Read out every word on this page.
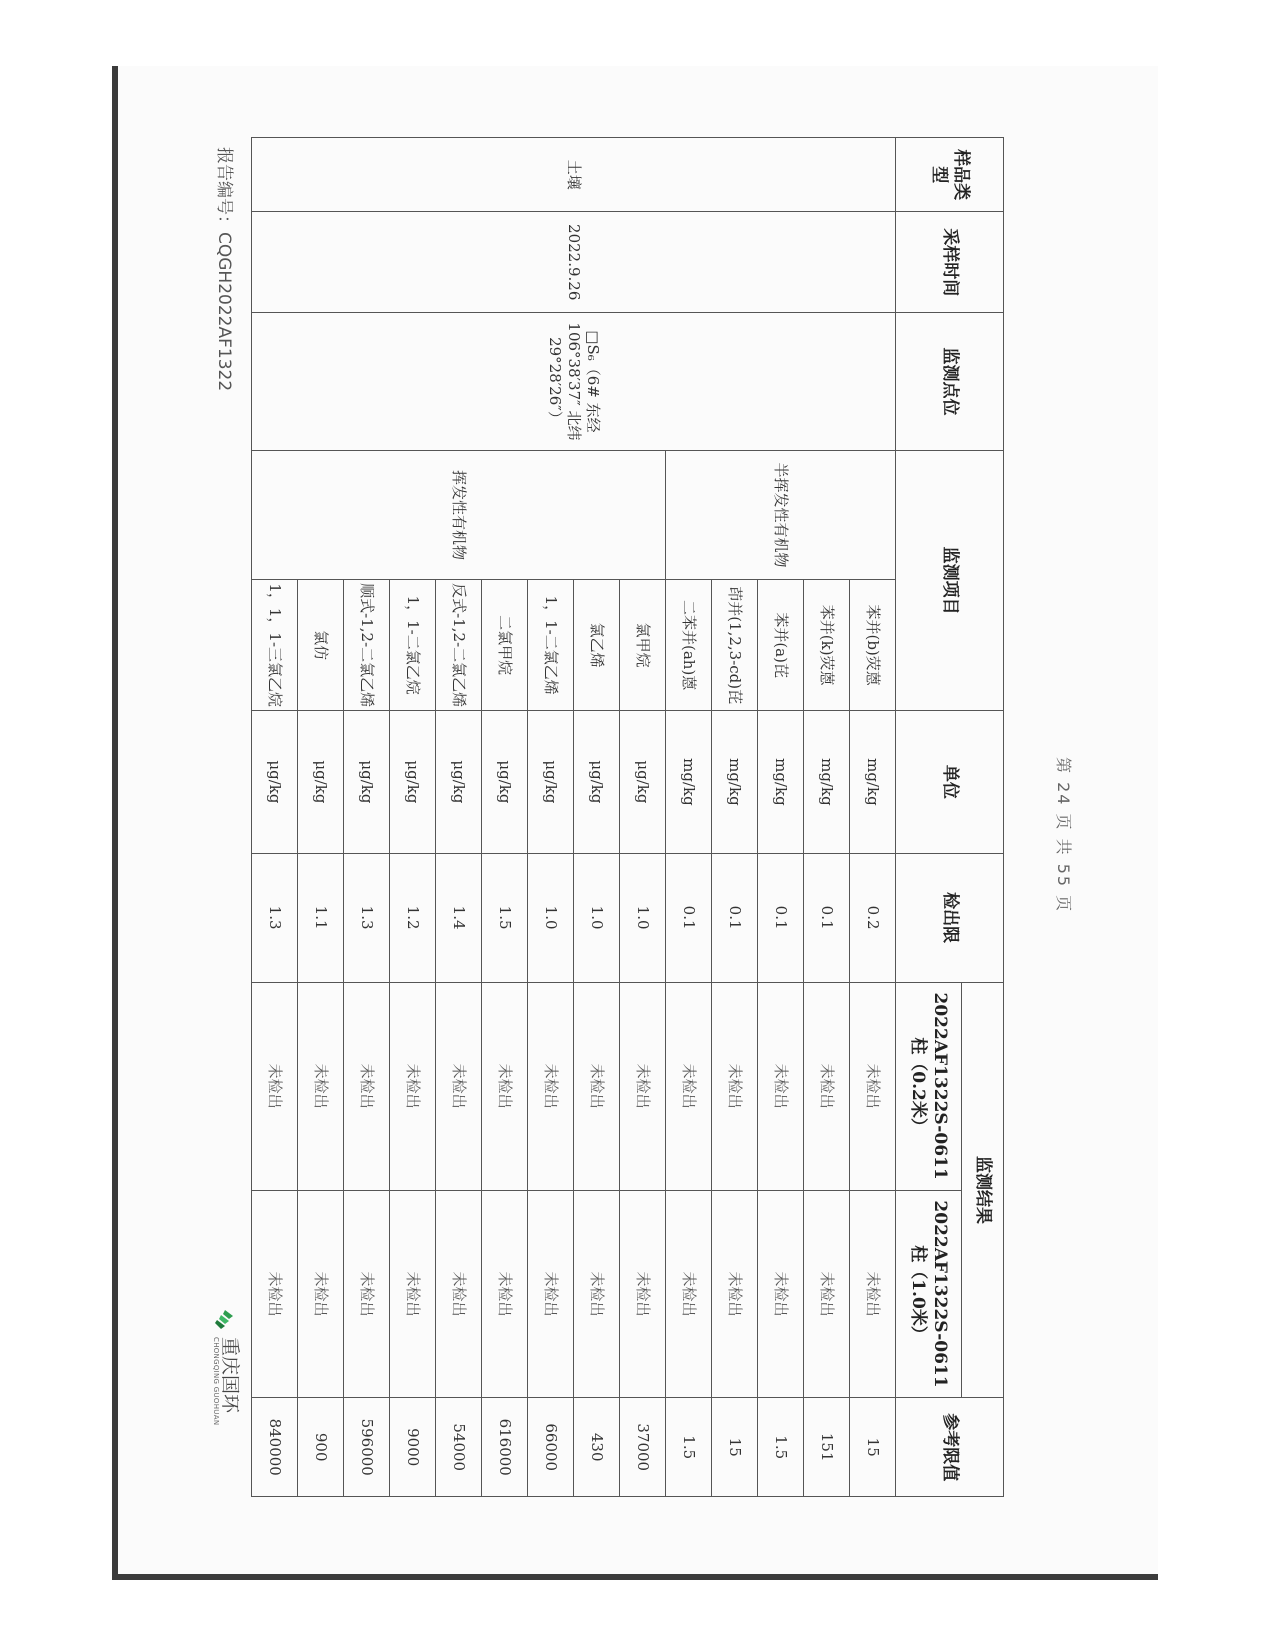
报告编号：CQGH2022AF1322
重庆国环
CHONGQING GUOHUAN
样品类型	采样时间	监测点位	监测项目		单位	检出限	监测结果		参考限值
							2022AF1322S-0611柱（0.2米）	2022AF1322S-0611柱（1.0米）	
土壤	2022.9.26	□S₆（6# 东经 106°38′37″ 北纬 29°28′26″）	半挥发性有机物	苯并(b)荧蒽	mg/kg	0.2	未检出	未检出	15
				苯并(k)荧蒽	mg/kg	0.1	未检出	未检出	151
				苯并(a)芘	mg/kg	0.1	未检出	未检出	1.5
				茚并(1,2,3-cd)芘	mg/kg	0.1	未检出	未检出	15
				二苯并(ah)蒽	mg/kg	0.1	未检出	未检出	1.5
			挥发性有机物	氯甲烷	μg/kg	1.0	未检出	未检出	37000
				氯乙烯	μg/kg	1.0	未检出	未检出	430
				1，1-二氯乙烯	μg/kg	1.0	未检出	未检出	66000
				二氯甲烷	μg/kg	1.5	未检出	未检出	616000
				反式-1,2-二氯乙烯	μg/kg	1.4	未检出	未检出	54000
				1，1-二氯乙烷	μg/kg	1.2	未检出	未检出	9000
				顺式-1,2-二氯乙烯	μg/kg	1.3	未检出	未检出	596000
				氯仿	μg/kg	1.1	未检出	未检出	900
				1，1，1-三氯乙烷	μg/kg	1.3	未检出	未检出	840000
第 24 页 共 55 页
